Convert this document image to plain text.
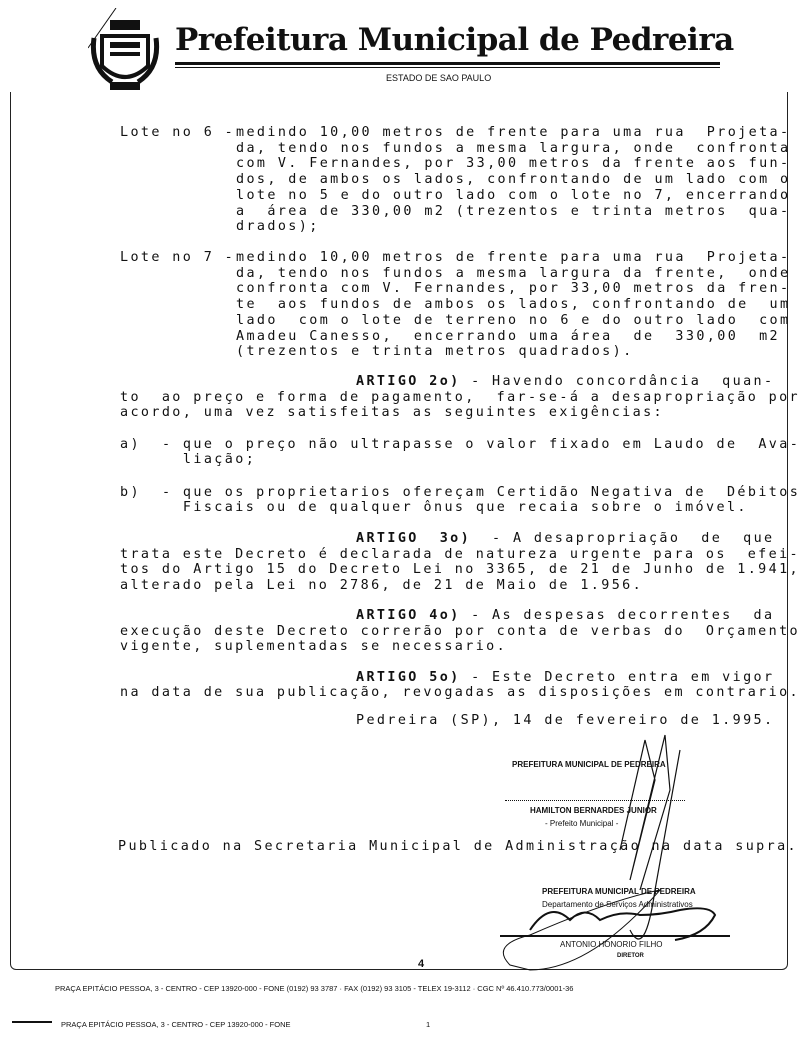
Prefeitura Municipal de Pedreira
ESTADO DE SAO PAULO
Lote no 6 - medindo 10,00 metros de frente para uma rua  Projeta-
da, tendo nos fundos a mesma largura, onde  confronta
com V. Fernandes, por 33,00 metros da frente aos fun-
dos, de ambos os lados, confrontando de um lado com o
lote no 5 e do outro lado com o lote no 7, encerrando
a  área de 330,00 m2 (trezentos e trinta metros  qua-
drados);
Lote no 7 - medindo 10,00 metros de frente para uma rua  Projeta-
da, tendo nos fundos a mesma largura da frente,  onde
confronta com V. Fernandes, por 33,00 metros da fren-
te  aos fundos de ambos os lados, confrontando de  um
lado  com o lote de terreno no 6 e do outro lado  com
Amadeu Canesso,  encerrando uma área  de  330,00  m2
(trezentos e trinta metros quadrados).
ARTIGO 2o) - Havendo concordância  quan-
to  ao preço e forma de pagamento,  far-se-á a desapropriação por
acordo, uma vez satisfeitas as seguintes exigências:
a) - que o preço não ultrapasse o valor fixado em Laudo de  Ava-
liação;
b) - que os proprietarios ofereçam Certidão Negativa de  Débitos
Fiscais ou de qualquer ônus que recaia sobre o imóvel.
ARTIGO  3o)  - A desapropriação  de  que
trata este Decreto é declarada de natureza urgente para os  efei-
tos do Artigo 15 do Decreto Lei no 3365, de 21 de Junho de 1.941,
alterado pela Lei no 2786, de 21 de Maio de 1.956.
ARTIGO 4o) - As despesas decorrentes  da
execução deste Decreto correrão por conta de verbas do  Orçamento
vigente, suplementadas se necessario.
ARTIGO 5o) - Este Decreto entra em vigor
na data de sua publicação, revogadas as disposições em contrario.
Pedreira (SP), 14 de fevereiro de 1.995.
PREFEITURA MUNICIPAL DE PEDREIRA
HAMILTON BERNARDES JUNIOR
- Prefeito Municipal -
Publicado na Secretaria Municipal de Administração na data supra.
PREFEITURA MUNICIPAL DE PEDREIRA
Departamento de Serviços Administrativos
ANTONIO HONORIO FILHO
DIRETOR
4
PRAÇA EPITÁCIO PESSOA, 3 - CENTRO - CEP 13920-000 - FONE (0192) 93 3787 · FAX (0192) 93 3105 - TELEX 19-3112 · CGC Nº 46.410.773/0001-36
PRAÇA EPITÁCIO PESSOA, 3 - CENTRO - CEP 13920-000 - FONE	1
